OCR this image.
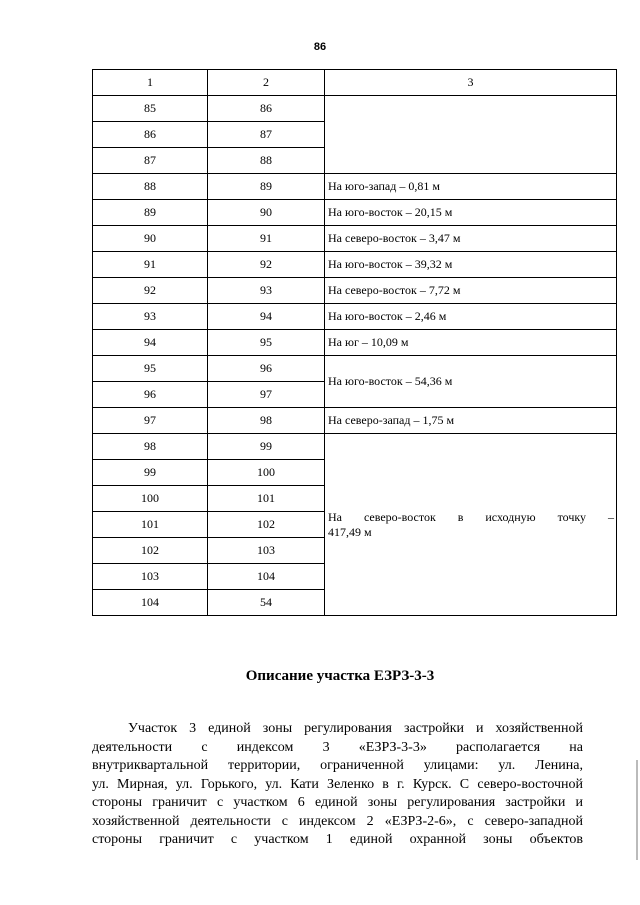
86
1	2	3
85	86	
86	87	
87	88	
88	89	На юго-запад – 0,81 м
89	90	На юго-восток – 20,15 м
90	91	На северо-восток – 3,47 м
91	92	На юго-восток – 39,32 м
92	93	На северо-восток – 7,72 м
93	94	На юго-восток – 2,46 м
94	95	На юг – 10,09 м
95	96	На юго-восток – 54,36 м
96	97	
97	98	На северо-запад – 1,75 м
98	99	На северо-восток в исходную точку –
417,49 м
99	100	
100	101	
101	102	
102	103	
103	104	
104	54	
Описание участка ЕЗРЗ-3-3
Участок 3 единой зоны регулирования застройки и хозяйственной
деятельности с индексом 3 «ЕЗРЗ-3-3» располагается на
внутриквартальной территории, ограниченной улицами: ул. Ленина,
ул. Мирная, ул. Горького, ул. Кати Зеленко в г. Курск. С северо-восточной
стороны граничит с участком 6 единой зоны регулирования застройки и
хозяйственной деятельности с индексом 2 «ЕЗРЗ-2-6», с северо-западной
стороны граничит с участком 1 единой охранной зоны объектов
